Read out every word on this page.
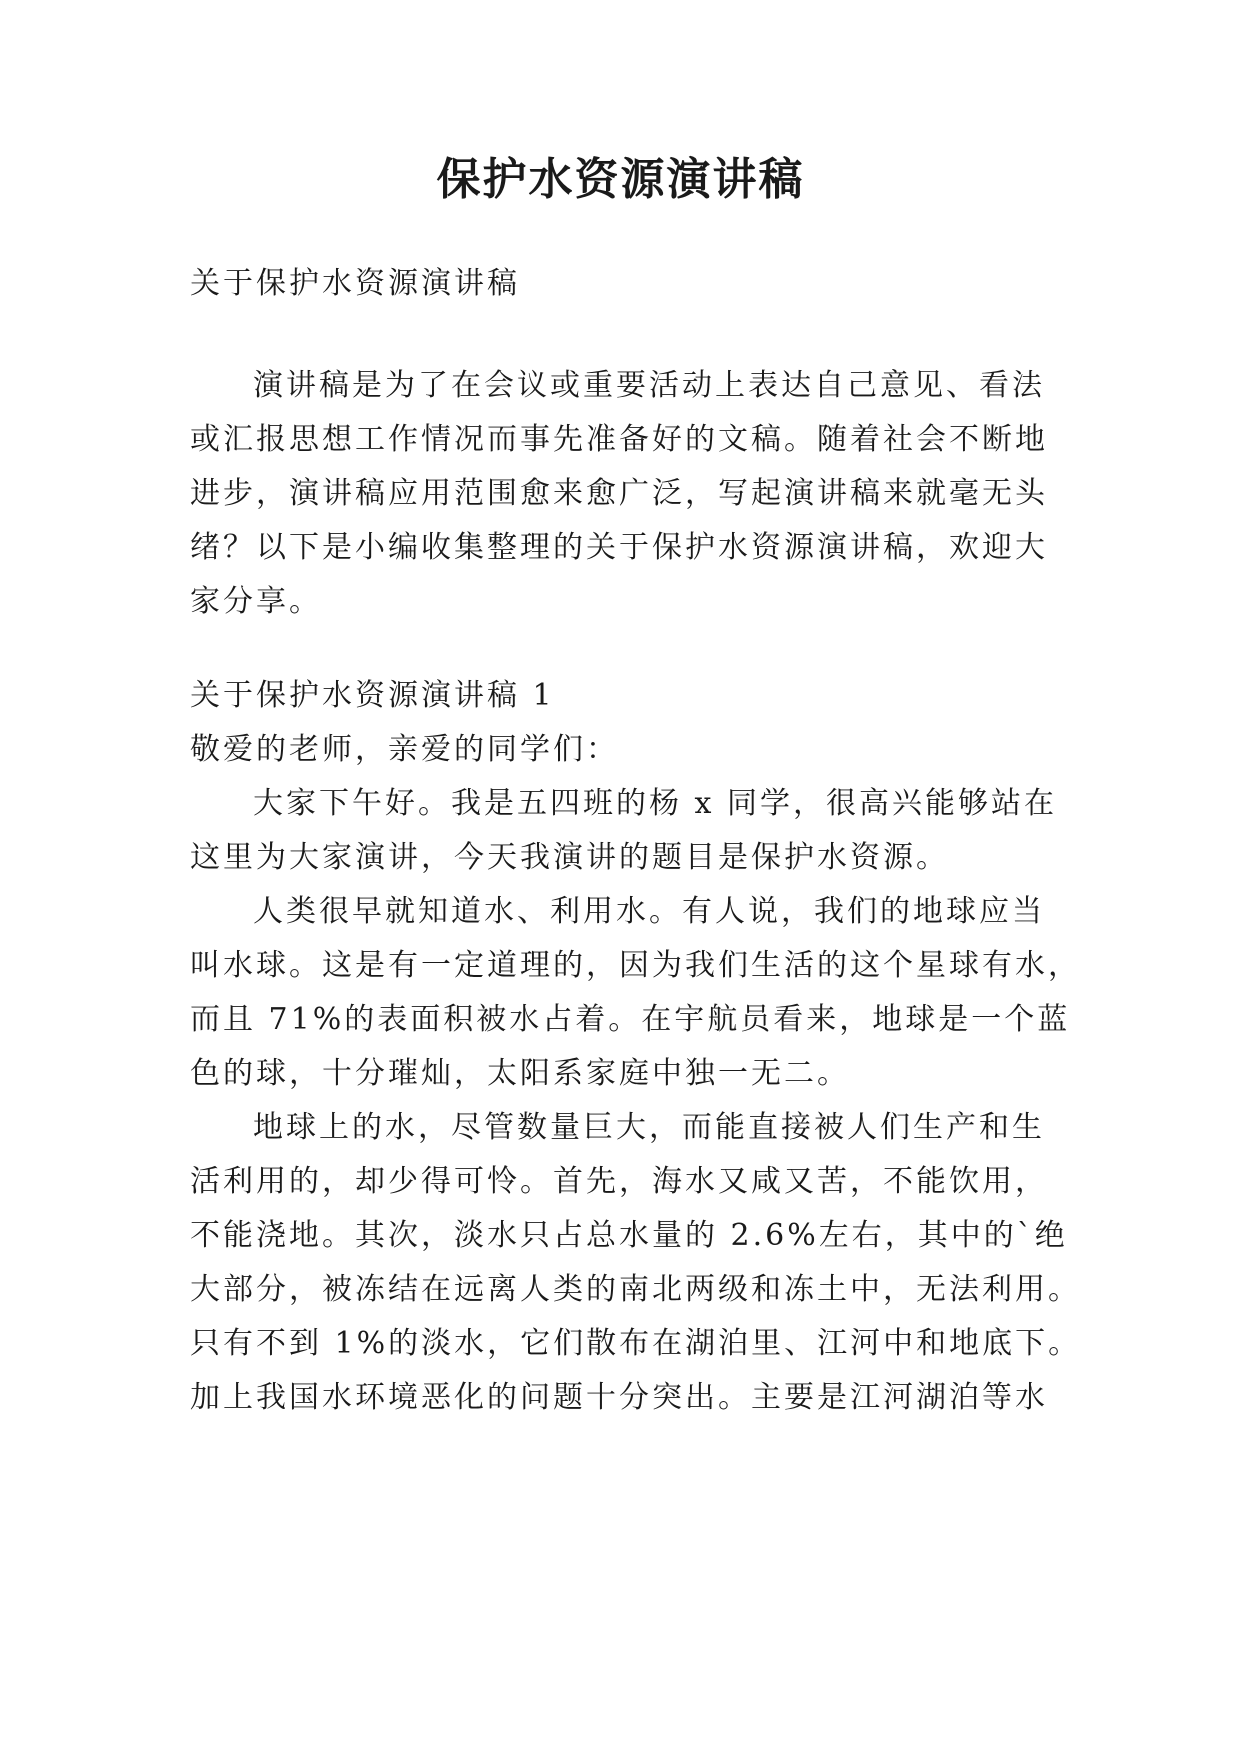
保护水资源演讲稿

关于保护水资源演讲稿

演讲稿是为了在会议或重要活动上表达自己意见、看法

或汇报思想工作情况而事先准备好的文稿。随着社会不断地

进步，演讲稿应用范围愈来愈广泛，写起演讲稿来就毫无头

绪？以下是小编收集整理的关于保护水资源演讲稿，欢迎大

家分享。

关于保护水资源演讲稿 1

敬爱的老师，亲爱的同学们：

大家下午好。我是五四班的杨 x 同学，很高兴能够站在

这里为大家演讲，今天我演讲的题目是保护水资源。

人类很早就知道水、利用水。有人说，我们的地球应当

叫水球。这是有一定道理的，因为我们生活的这个星球有水，

而且 71%的表面积被水占着。在宇航员看来，地球是一个蓝

色的球，十分璀灿，太阳系家庭中独一无二。

地球上的水，尽管数量巨大，而能直接被人们生产和生

活利用的，却少得可怜。首先，海水又咸又苦，不能饮用，

不能浇地。其次，淡水只占总水量的 2.6%左右，其中的`绝

大部分，被冻结在远离人类的南北两级和冻土中，无法利用。

只有不到 1%的淡水，它们散布在湖泊里、江河中和地底下。

加上我国水环境恶化的问题十分突出。主要是江河湖泊等水
